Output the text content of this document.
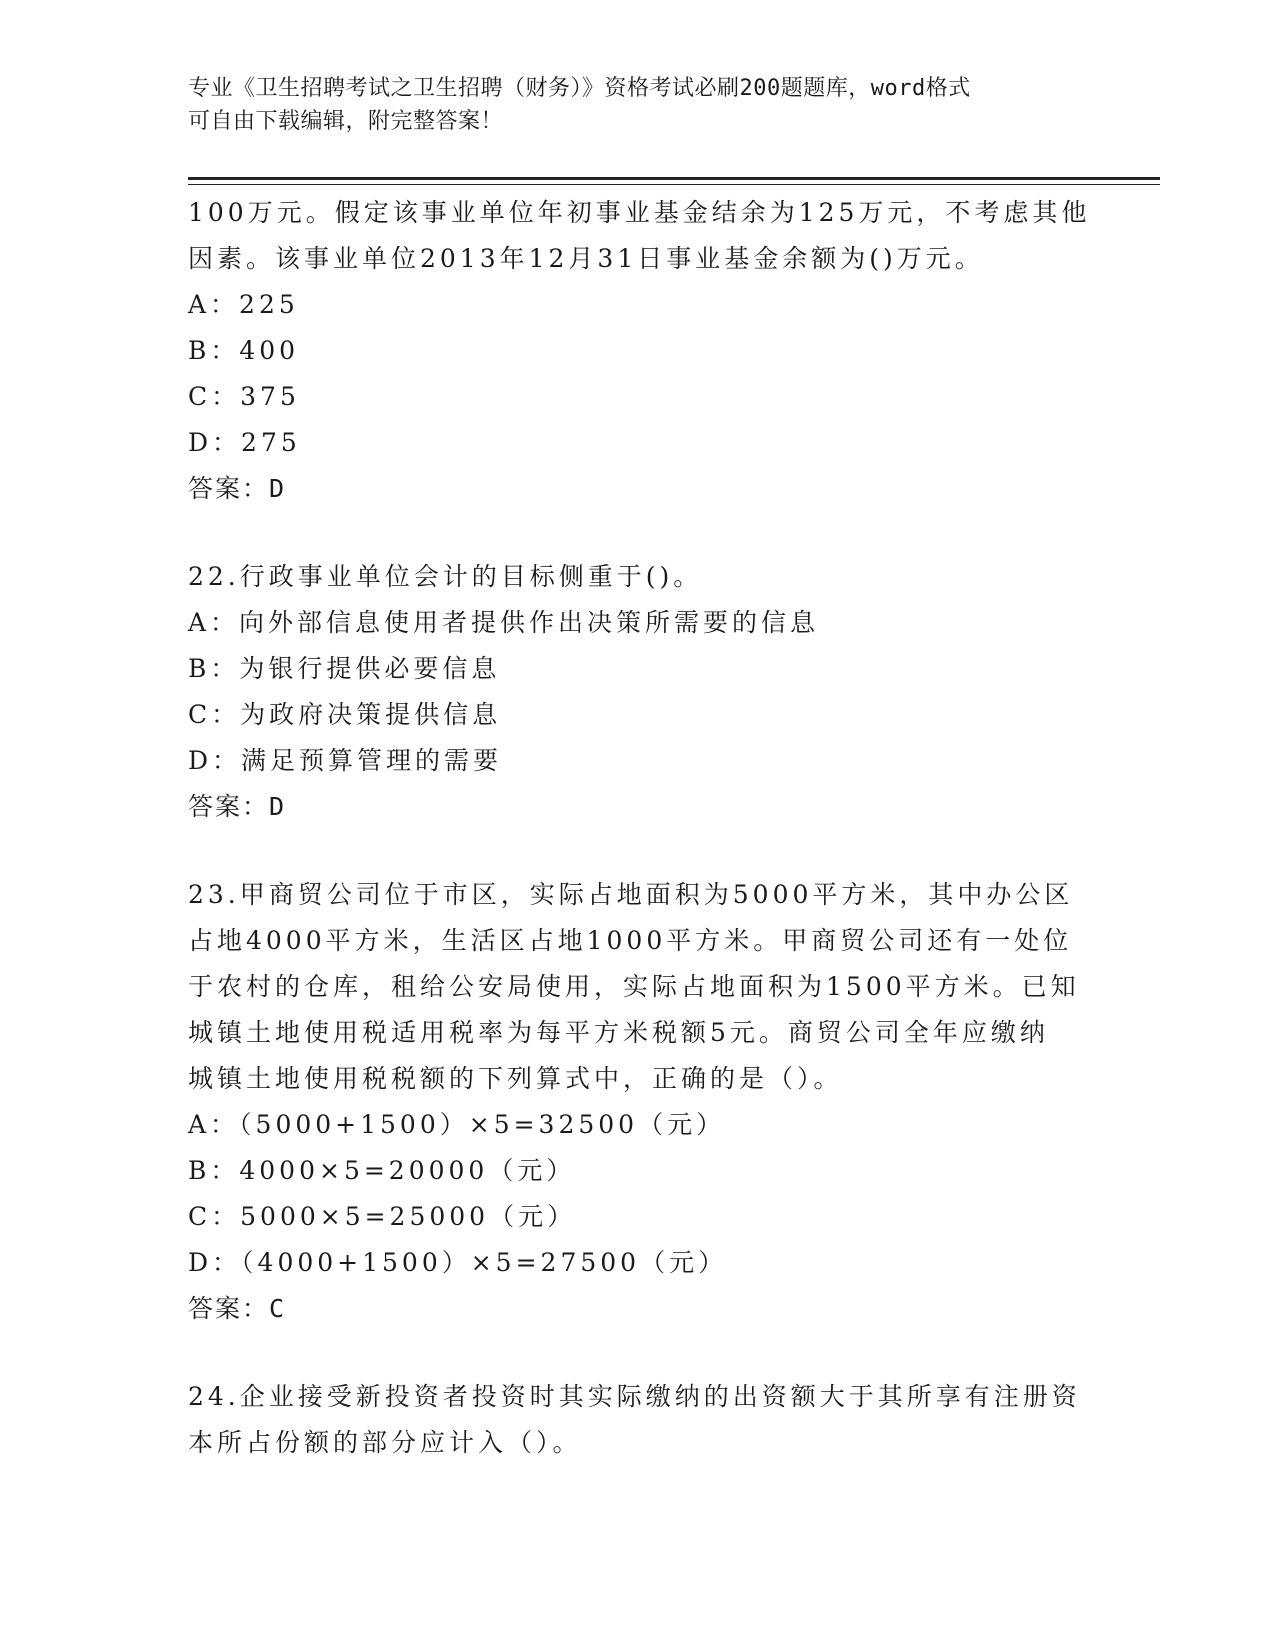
专业《卫生招聘考试之卫生招聘（财务）》资格考试必刷200题题库，word格式
可自由下载编辑，附完整答案！
100万元。假定该事业单位年初事业基金结余为125万元，不考虑其他
因素。该事业单位2013年12月31日事业基金余额为()万元。
A：225
B：400
C：375
D：275
答案：D
22.行政事业单位会计的目标侧重于()。
A：向外部信息使用者提供作出决策所需要的信息
B：为银行提供必要信息
C：为政府决策提供信息
D：满足预算管理的需要
答案：D
23.甲商贸公司位于市区，实际占地面积为5000平方米，其中办公区
占地4000平方米，生活区占地1000平方米。甲商贸公司还有一处位
于农村的仓库，租给公安局使用，实际占地面积为1500平方米。已知
城镇土地使用税适用税率为每平方米税额5元。商贸公司全年应缴纳
城镇土地使用税税额的下列算式中，正确的是（）。
A：（5000+1500）×5=32500（元）
B：4000×5=20000（元）
C：5000×5=25000（元）
D：（4000+1500）×5=27500（元）
答案：C
24.企业接受新投资者投资时其实际缴纳的出资额大于其所享有注册资
本所占份额的部分应计入（）。
